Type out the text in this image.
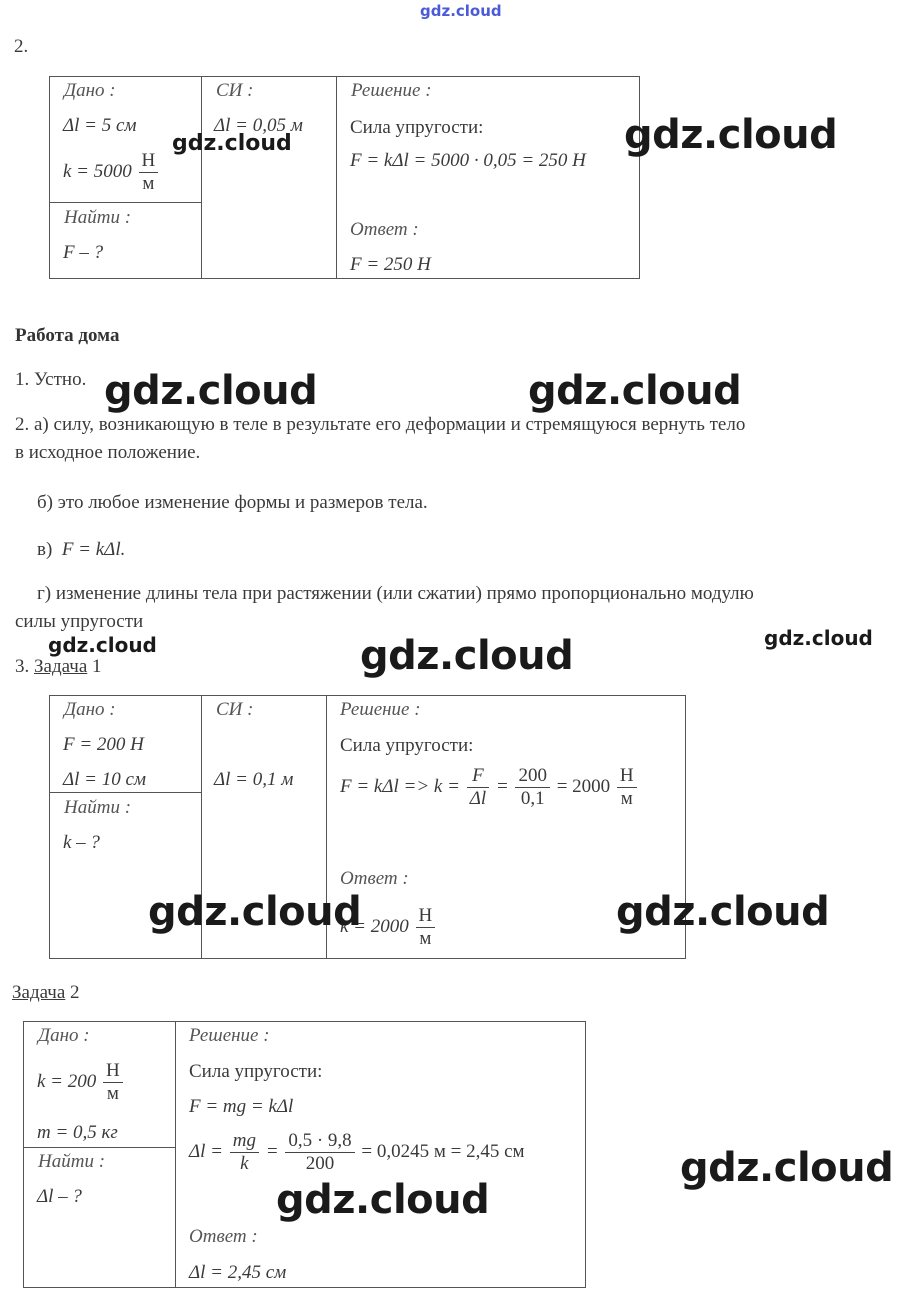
gdz.cloud
2.
Дано :
Δl = 5 см
$k = 5000 \frac{Н}{м}$
Найти :
F – ?
СИ :
Δl = 0,05 м
Решение :
Сила упругости:
F = kΔl = 5000 · 0,05 = 250 Н
Ответ :
F = 250 Н
gdz.cloud	gdz.cloud
Работа дома
1. Устно.
2. а) силу, возникающую в теле в результате его деформации и стремящуюся вернуть тело
в исходное положение.
б) это любое изменение формы и размеров тела.
в) F = kΔl.
г) изменение длины тела при растяжении (или сжатии) прямо пропорционально модулю
силы упругости
gdz.cloud	gdz.cloud
gdz.cloud	gdz.cloud
gdz.cloud
3. Задача 1
Дано :
F = 200 Н
Δl = 10 см
Найти :
k – ?
СИ :
Δl = 0,1 м
Решение :
Сила упругости:
$F = k\Delta l => k = \frac{F}{\Delta l} = \frac{200}{0,1} = 2000 \frac{Н}{м}$
Ответ :
$k = 2000 \frac{Н}{м}$
gdz.cloud	gdz.cloud
Задача 2
Дано :
$k = 200 \frac{Н}{м}$
m = 0,5 кг
Найти :
Δl – ?
Решение :
Сила упругости:
F = mg = kΔl
$\Delta l = \frac{mg}{k} = \frac{0,5 \cdot 9,8}{200} = 0,0245$ м = 2,45 см
Ответ :
Δl = 2,45 см
gdz.cloud
gdz.cloud
